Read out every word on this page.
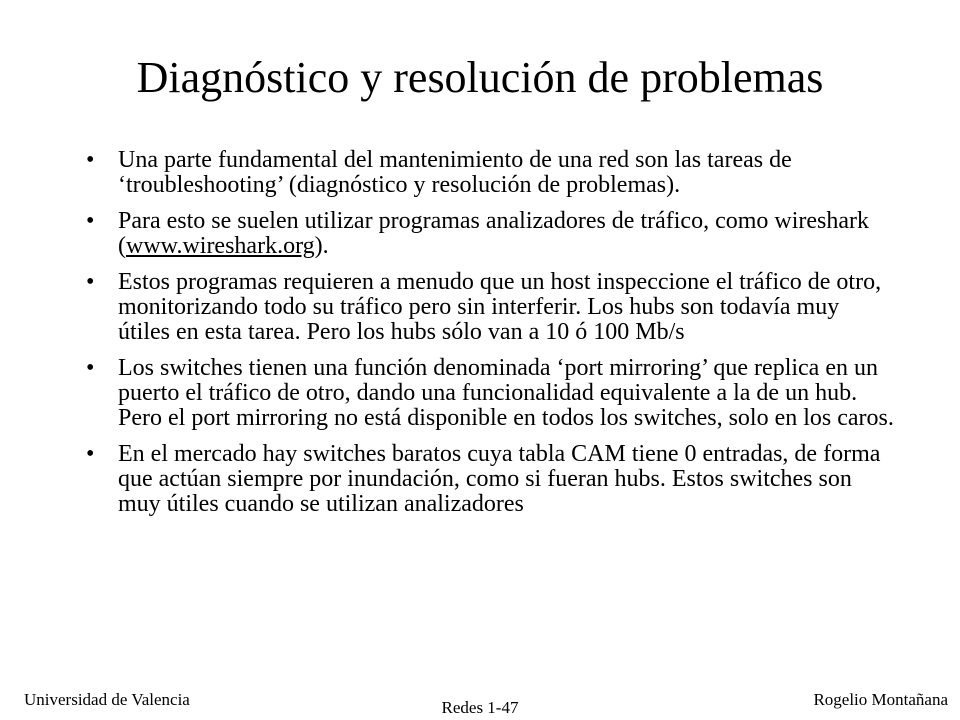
Diagnóstico y resolución de problemas
• Una parte fundamental del mantenimiento de una red son las tareas de ‘troubleshooting’ (diagnóstico y resolución de problemas).
• Para esto se suelen utilizar programas analizadores de tráfico, como wireshark (www.wireshark.org).
• Estos programas requieren a menudo que un host inspeccione el tráfico de otro, monitorizando todo su tráfico pero sin interferir. Los hubs son todavía muy útiles en esta tarea. Pero los hubs sólo van a 10 ó 100 Mb/s
• Los switches tienen una función denominada ‘port mirroring’ que replica en un puerto el tráfico de otro, dando una funcionalidad equivalente a la de un hub. Pero el port mirroring no está disponible en todos los switches, solo en los caros.
• En el mercado hay switches baratos cuya tabla CAM tiene 0 entradas, de forma que actúan siempre por inundación, como si fueran hubs. Estos switches son muy útiles cuando se utilizan analizadores
Universidad de Valencia	Redes 1-47	Rogelio Montañana
